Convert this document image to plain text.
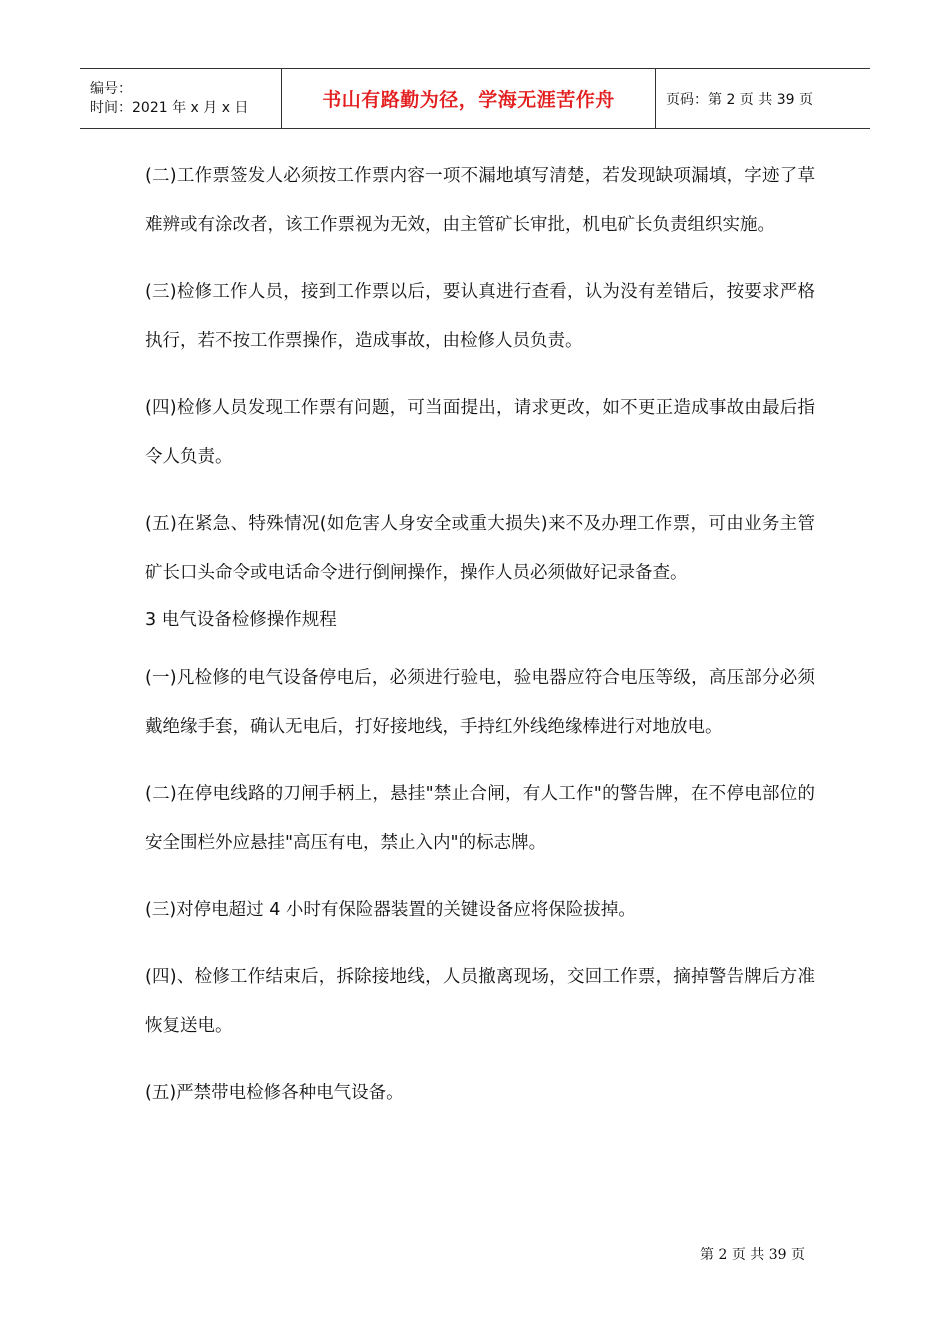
编号：
时间：2021 年 x 月 x 日	书山有路勤为径，学海无涯苦作舟	页码：第 2 页 共 39 页

(二)工作票签发人必须按工作票内容一项不漏地填写清楚，若发现缺项漏填，字迹了草难辨或有涂改者，该工作票视为无效，由主管矿长审批，机电矿长负责组织实施。

(三)检修工作人员，接到工作票以后，要认真进行查看，认为没有差错后，按要求严格执行，若不按工作票操作，造成事故，由检修人员负责。

(四)检修人员发现工作票有问题，可当面提出，请求更改，如不更正造成事故由最后指令人负责。

(五)在紧急、特殊情况(如危害人身安全或重大损失)来不及办理工作票，可由业务主管矿长口头命令或电话命令进行倒闸操作，操作人员必须做好记录备查。

3 电气设备检修操作规程

(一)凡检修的电气设备停电后，必须进行验电，验电器应符合电压等级，高压部分必须戴绝缘手套，确认无电后，打好接地线，手持红外线绝缘棒进行对地放电。

(二)在停电线路的刀闸手柄上，悬挂"禁止合闸，有人工作"的警告牌，在不停电部位的安全围栏外应悬挂"高压有电，禁止入内"的标志牌。

(三)对停电超过 4 小时有保险器装置的关键设备应将保险拔掉。

(四)、检修工作结束后，拆除接地线，人员撤离现场，交回工作票，摘掉警告牌后方准恢复送电。

(五)严禁带电检修各种电气设备。

第 2 页 共 39 页
